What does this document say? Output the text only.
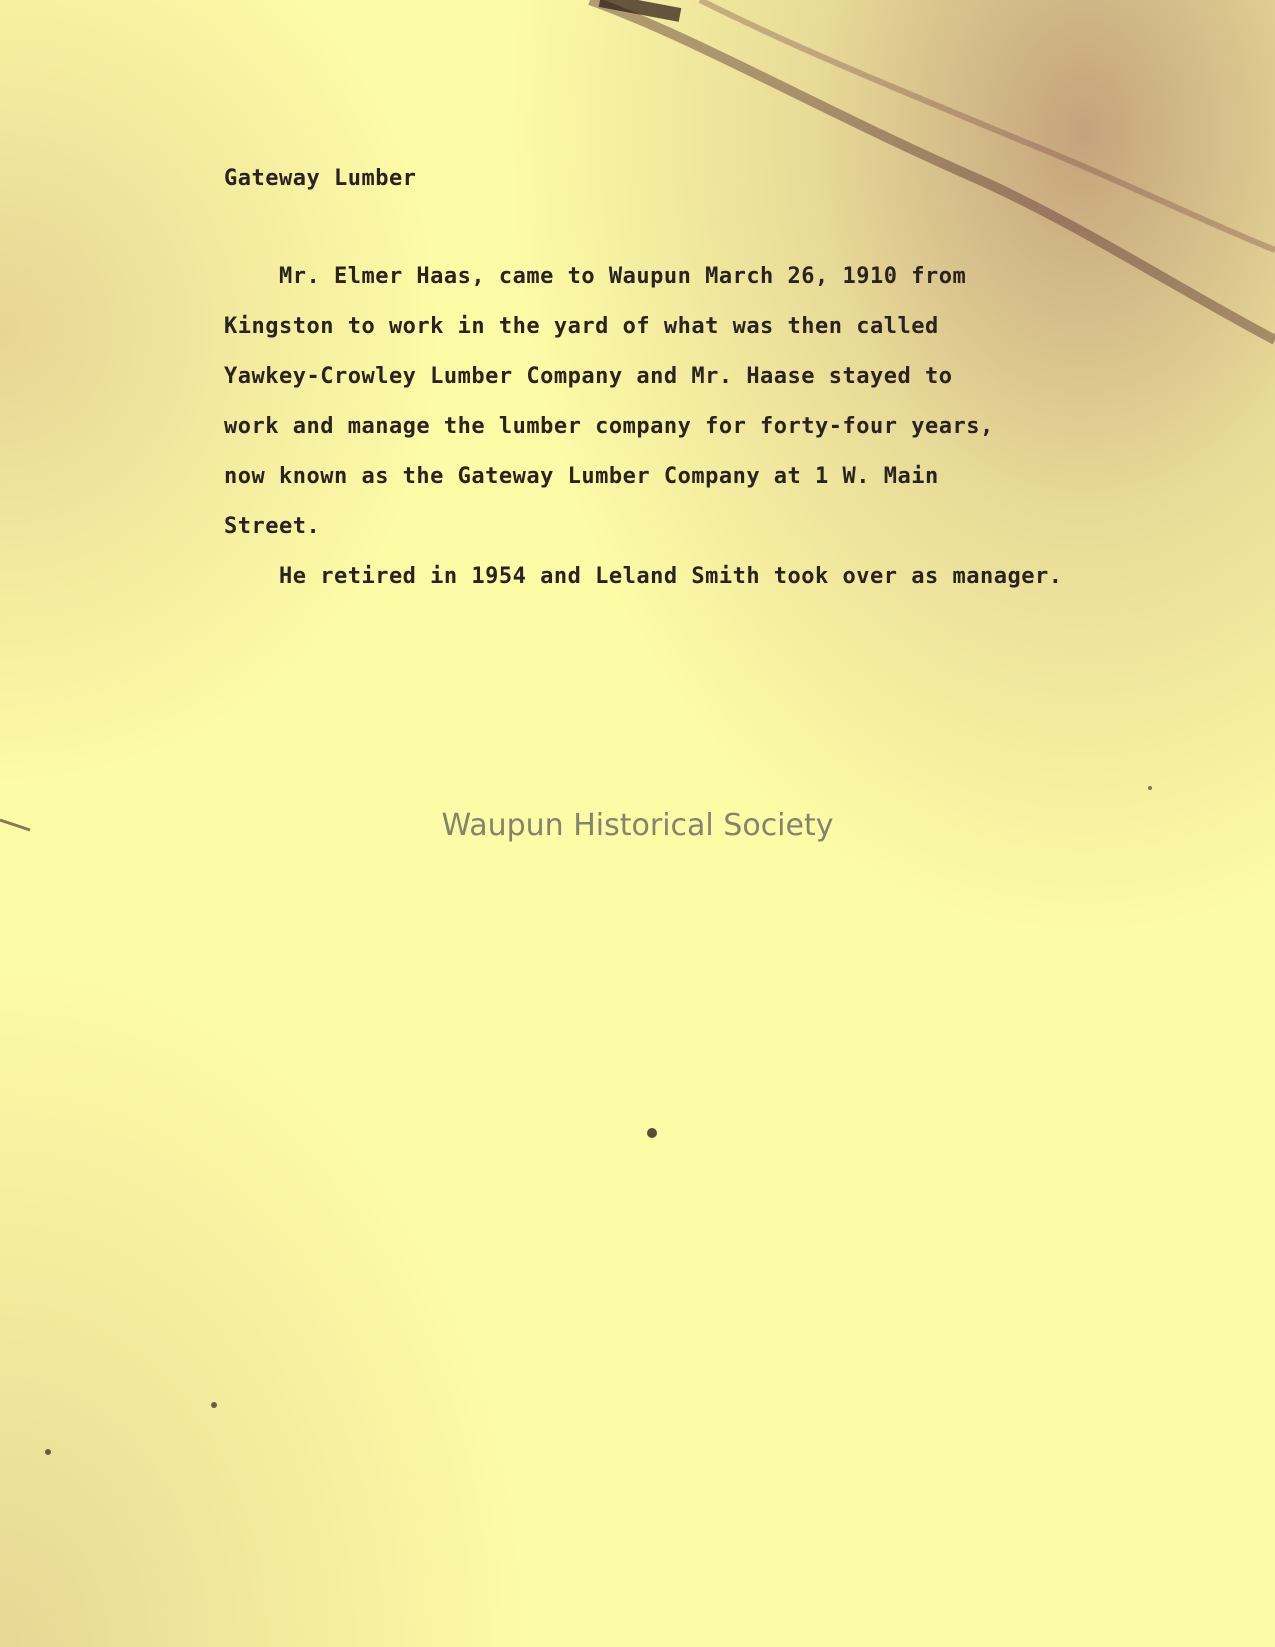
Gateway Lumber
Mr. Elmer Haas, came to Waupun March 26, 1910 from
Kingston to work in the yard of what was then called
Yawkey-Crowley Lumber Company and Mr. Haase stayed to
work and manage the lumber company for forty-four years,
now known as the Gateway Lumber Company at 1 W. Main
Street.
He retired in 1954 and Leland Smith took over as manager.
Waupun Historical Society
